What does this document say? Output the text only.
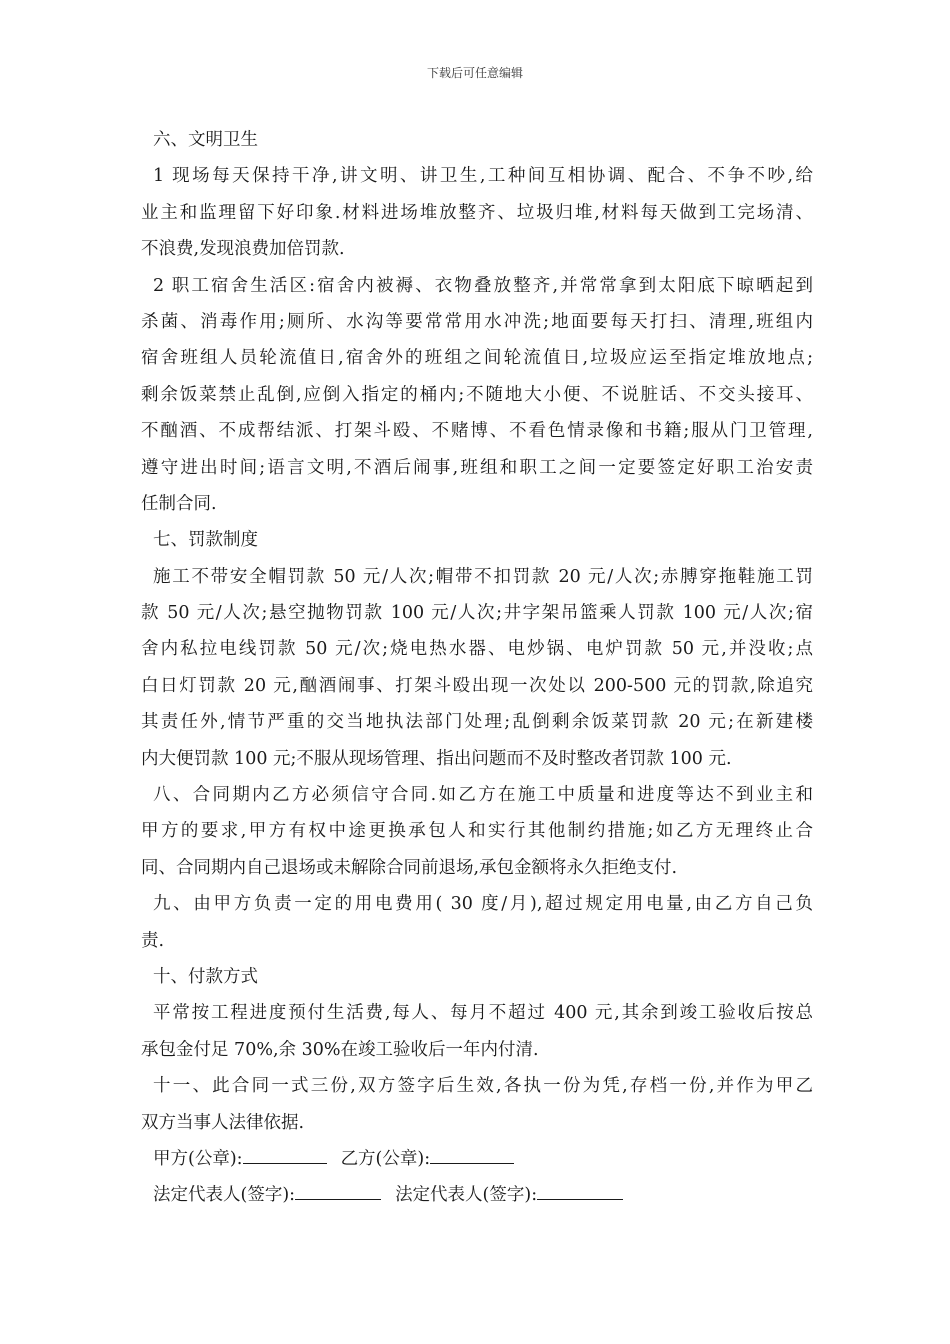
下载后可任意编辑
六、文明卫生
1 现场每天保持干净,讲文明、讲卫生,工种间互相协调、配合、不争不吵,给
业主和监理留下好印象.材料进场堆放整齐、垃圾归堆,材料每天做到工完场清、
不浪费,发现浪费加倍罚款.
2 职工宿舍生活区:宿舍内被褥、衣物叠放整齐,并常常拿到太阳底下晾晒起到
杀菌、消毒作用;厕所、水沟等要常常用水冲洗;地面要每天打扫、清理,班组内
宿舍班组人员轮流值日,宿舍外的班组之间轮流值日,垃圾应运至指定堆放地点;
剩余饭菜禁止乱倒,应倒入指定的桶内;不随地大小便、不说脏话、不交头接耳、
不酗酒、不成帮结派、打架斗殴、不赌博、不看色情录像和书籍;服从门卫管理,
遵守进出时间;语言文明,不酒后闹事,班组和职工之间一定要签定好职工治安责
任制合同.
七、罚款制度
施工不带安全帽罚款 50 元/人次;帽带不扣罚款 20 元/人次;赤膊穿拖鞋施工罚
款 50 元/人次;悬空抛物罚款 100 元/人次;井字架吊篮乘人罚款 100 元/人次;宿
舍内私拉电线罚款 50 元/次;烧电热水器、电炒锅、电炉罚款 50 元,并没收;点
白日灯罚款 20 元,酗酒闹事、打架斗殴出现一次处以 200-500 元的罚款,除追究
其责任外,情节严重的交当地执法部门处理;乱倒剩余饭菜罚款 20 元;在新建楼
内大便罚款 100 元;不服从现场管理、指出问题而不及时整改者罚款 100 元.
八、合同期内乙方必须信守合同.如乙方在施工中质量和进度等达不到业主和
甲方的要求,甲方有权中途更换承包人和实行其他制约措施;如乙方无理终止合
同、合同期内自己退场或未解除合同前退场,承包金额将永久拒绝支付.
九、由甲方负责一定的用电费用( 30 度/月),超过规定用电量,由乙方自己负
责.
十、付款方式
平常按工程进度预付生活费,每人、每月不超过 400 元,其余到竣工验收后按总
承包金付足 70%,余 30%在竣工验收后一年内付清.
十一、此合同一式三份,双方签字后生效,各执一份为凭,存档一份,并作为甲乙
双方当事人法律依据.
甲方(公章):	乙方(公章):
法定代表人(签字):	法定代表人(签字):
